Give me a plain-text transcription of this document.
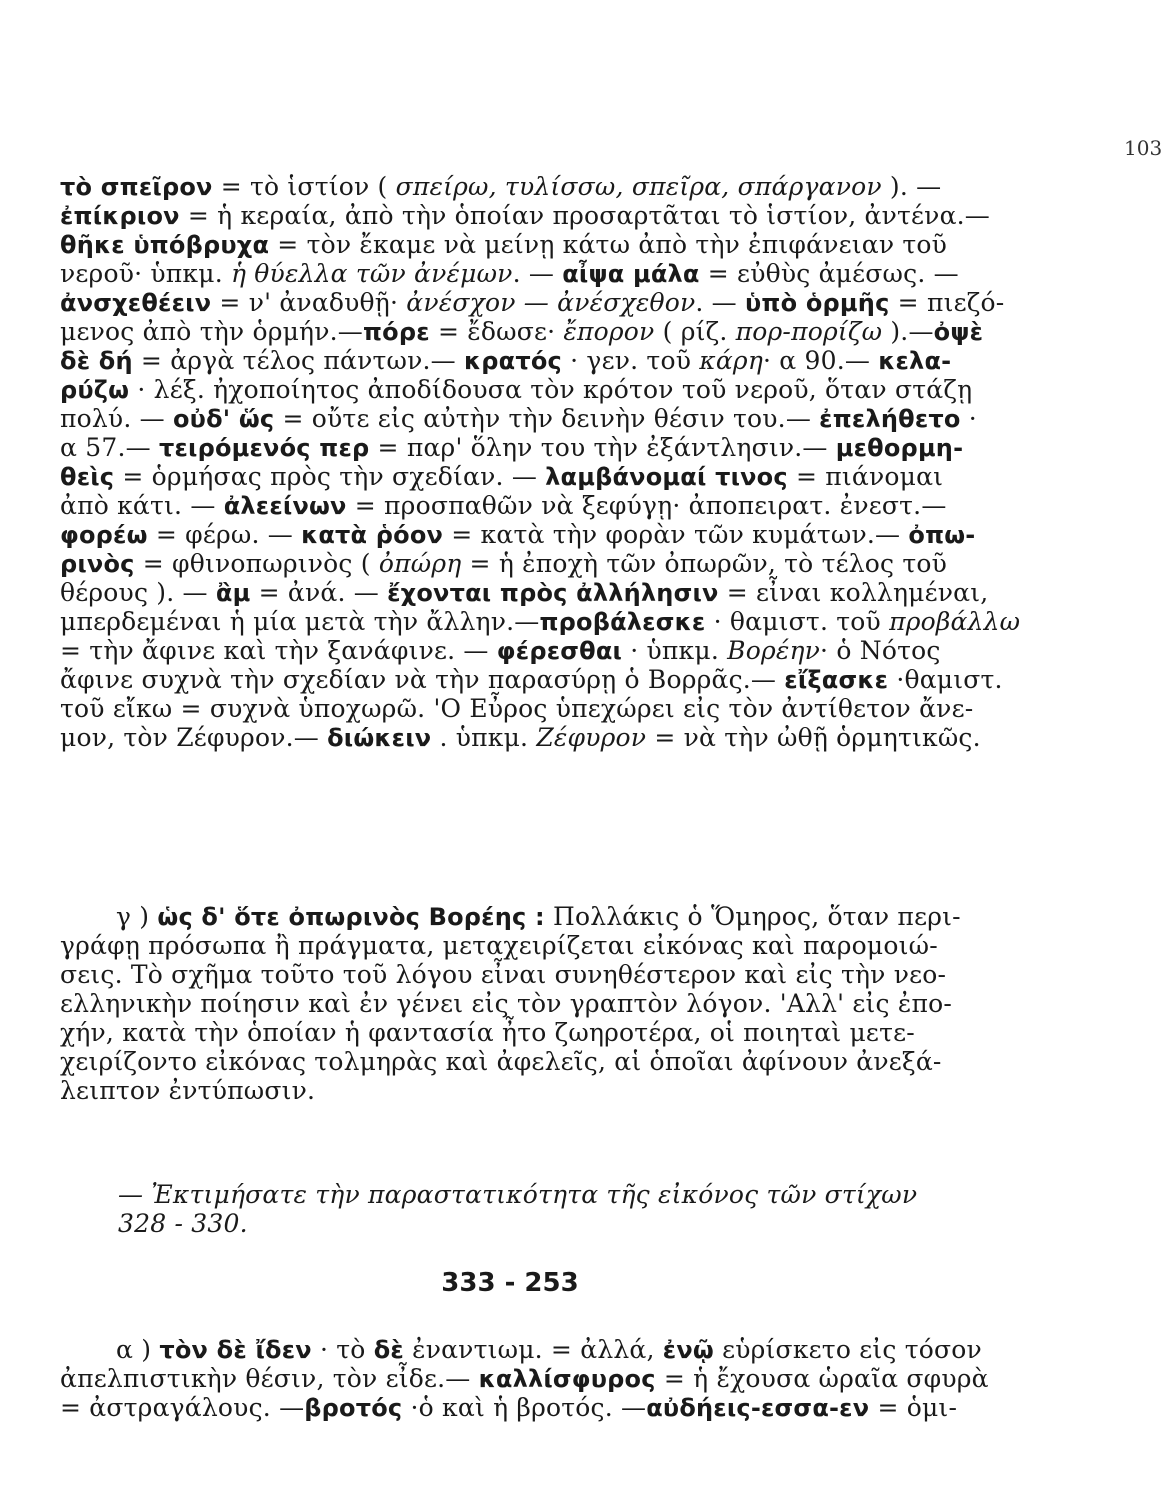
103
τὸ σπεῖρον = τὸ ἱστίον ( σπείρω, τυλίσσω, σπεῖρα, σπάργανον ). —
ἐπίκριον = ἡ κεραία, ἀπὸ τὴν ὁποίαν προσαρτᾶται τὸ ἱστίον, ἀντένα.—
θῆκε ὑπόβρυχα = τὸν ἔκαμε νὰ μείνῃ κάτω ἀπὸ τὴν ἐπιφάνειαν τοῦ
νεροῦ· ὑπκμ. ἡ θύελλα τῶν ἀνέμων. — αἶψα μάλα = εὐθὺς ἀμέσως. —
ἀνσχεθέειν = ν' ἀναδυθῇ· ἀνέσχον — ἀνέσχεθον. — ὑπὸ ὁρμῆς = πιεζό-
μενος ἀπὸ τὴν ὁρμήν.—πόρε = ἔδωσε· ἔπορον ( ρίζ. πορ-πορίζω ).—ὀψὲ
δὲ δή = ἀργὰ τέλος πάντων.— κρατός · γεν. τοῦ κάρη· α 90.— κελα-
ρύζω · λέξ. ἠχοποίητος ἀποδίδουσα τὸν κρότον τοῦ νεροῦ, ὅταν στάζῃ
πολύ. — οὐδ' ὥς = οὔτε εἰς αὐτὴν τὴν δεινὴν θέσιν του.— ἐπελήθετο ·
α 57.— τειρόμενός περ = παρ' ὅλην του τὴν ἐξάντλησιν.— μεθορμη-
θεὶς = ὁρμήσας πρὸς τὴν σχεδίαν. — λαμβάνομαί τινος = πιάνομαι
ἀπὸ κάτι. — ἀλεείνων = προσπαθῶν νὰ ξεφύγῃ· ἀποπειρατ. ἐνεστ.—
φορέω = φέρω. — κατὰ ῥόον = κατὰ τὴν φορὰν τῶν κυμάτων.— ὀπω-
ρινὸς = φθινοπωρινὸς ( ὀπώρη = ἡ ἐποχὴ τῶν ὀπωρῶν, τὸ τέλος τοῦ
θέρους ). — ἂμ = ἀνά. — ἔχονται πρὸς ἀλλήλησιν = εἶναι κολλημέναι,
μπερδεμέναι ἡ μία μετὰ τὴν ἄλλην.—προβάλεσκε · θαμιστ. τοῦ προβάλλω
= τὴν ἄφινε καὶ τὴν ξανάφινε. — φέρεσθαι · ὑπκμ. Βορέην· ὁ Νότος
ἄφινε συχνὰ τὴν σχεδίαν νὰ τὴν παρασύρῃ ὁ Βορρᾶς.— εἴξασκε ·θαμιστ.
τοῦ εἴκω = συχνὰ ὑποχωρῶ. 'Ο Εὖρος ὑπεχώρει εἰς τὸν ἀντίθετον ἄνε-
μον, τὸν Ζέφυρον.— διώκειν . ὑπκμ. Ζέφυρον = νὰ τὴν ὠθῇ ὁρμητικῶς.
γ ) ὡς δ' ὅτε ὀπωρινὸς Βορέης : Πολλάκις ὁ Ὅμηρος, ὅταν περι-
γράφῃ πρόσωπα ἢ πράγματα, μεταχειρίζεται εἰκόνας καὶ παρομοιώ-
σεις. Τὸ σχῆμα τοῦτο τοῦ λόγου εἶναι συνηθέστερον καὶ εἰς τὴν νεο-
ελληνικὴν ποίησιν καὶ ἐν γένει εἰς τὸν γραπτὸν λόγον. 'Αλλ' εἰς ἐπο-
χήν, κατὰ τὴν ὁποίαν ἡ φαντασία ἦτο ζωηροτέρα, οἱ ποιηταὶ μετε-
χειρίζοντο εἰκόνας τολμηρὰς καὶ ἀφελεῖς, αἱ ὁποῖαι ἀφίνουν ἀνεξά-
λειπτον ἐντύπωσιν.
— Ἐκτιμήσατε τὴν παραστατικότητα τῆς εἰκόνος τῶν στίχων
328 - 330.
333 - 253
α ) τὸν δὲ ἴδεν · τὸ δὲ ἐναντιωμ. = ἀλλά, ἐνῷ εὑρίσκετο εἰς τόσον
ἀπελπιστικὴν θέσιν, τὸν εἶδε.— καλλίσφυρος = ἡ ἔχουσα ὡραῖα σφυρὰ
= ἀστραγάλους. —βροτός ·ὁ καὶ ἡ βροτός. —αὐδήεις-εσσα-εν = ὁμι-
